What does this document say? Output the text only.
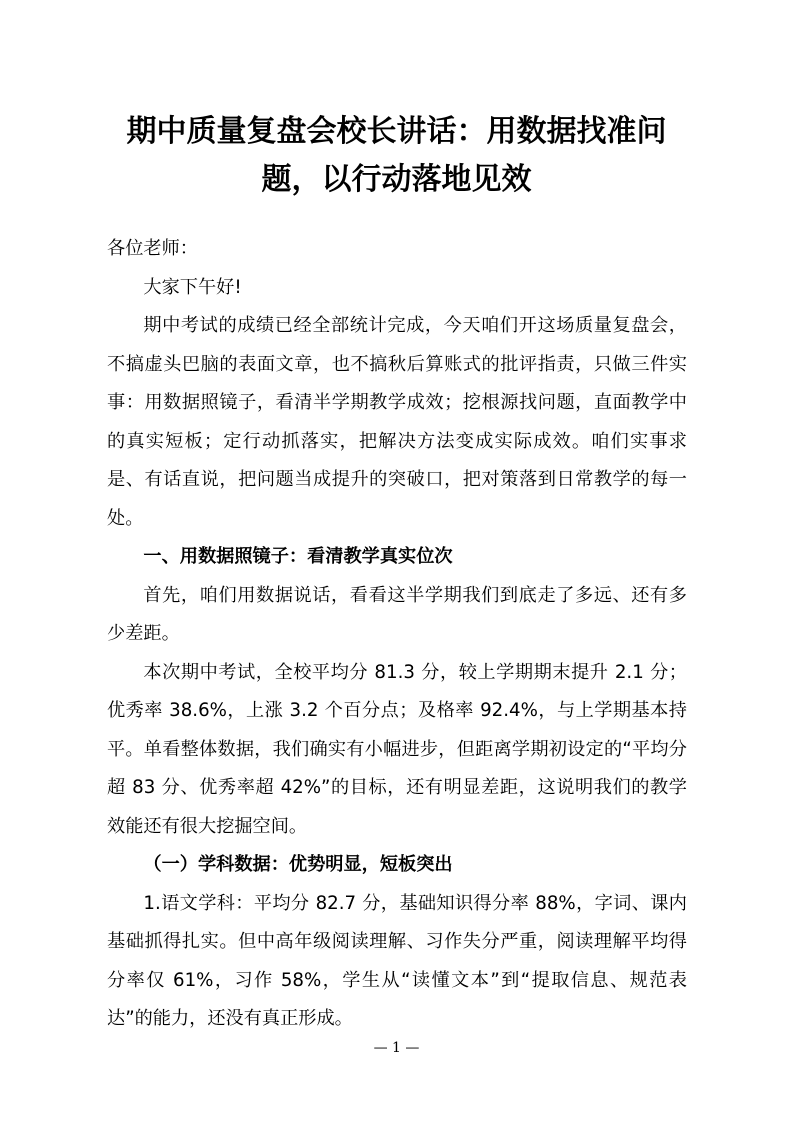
期中质量复盘会校长讲话：用数据找准问
题，以行动落地见效

各位老师：

大家下午好!

期中考试的成绩已经全部统计完成，今天咱们开这场质量复盘会，不搞虚头巴脑的表面文章，也不搞秋后算账式的批评指责，只做三件实事：用数据照镜子，看清半学期教学成效；挖根源找问题，直面教学中的真实短板；定行动抓落实，把解决方法变成实际成效。咱们实事求是、有话直说，把问题当成提升的突破口，把对策落到日常教学的每一处。

一、用数据照镜子：看清教学真实位次

首先，咱们用数据说话，看看这半学期我们到底走了多远、还有多少差距。

本次期中考试，全校平均分 81.3 分，较上学期期末提升 2.1 分；优秀率 38.6%，上涨 3.2 个百分点；及格率 92.4%，与上学期基本持平。单看整体数据，我们确实有小幅进步，但距离学期初设定的“平均分超 83 分、优秀率超 42%”的目标，还有明显差距，这说明我们的教学效能还有很大挖掘空间。

（一）学科数据：优势明显，短板突出

1.语文学科：平均分 82.7 分，基础知识得分率 88%，字词、课内基础抓得扎实。但中高年级阅读理解、习作失分严重，阅读理解平均得分率仅 61%，习作 58%，学生从“读懂文本”到“提取信息、规范表达”的能力，还没有真正形成。

— 1 —
